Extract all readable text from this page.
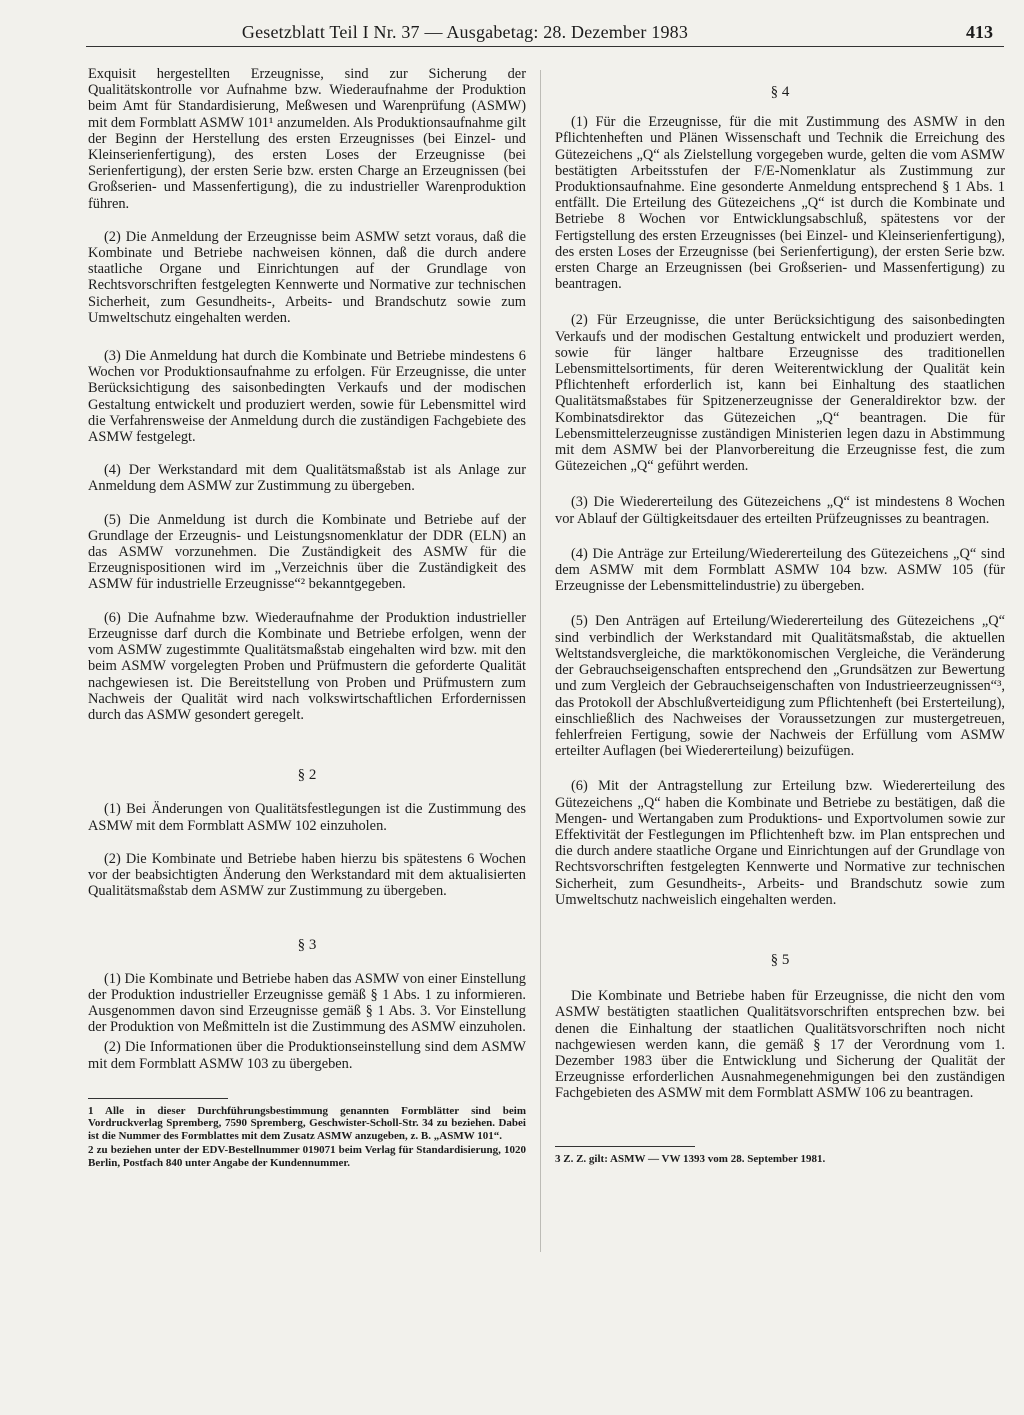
Gesetzblatt Teil I Nr. 37 — Ausgabetag: 28. Dezember 1983	413

Exquisit hergestellten Erzeugnisse, sind zur Sicherung der Qualitätskontrolle vor Aufnahme bzw. Wiederaufnahme der Produktion beim Amt für Standardisierung, Meßwesen und Warenprüfung (ASMW) mit dem Formblatt ASMW 101¹ anzumelden. Als Produktionsaufnahme gilt der Beginn der Herstellung des ersten Erzeugnisses (bei Einzel- und Kleinserienfertigung), des ersten Loses der Erzeugnisse (bei Serienfertigung), der ersten Serie bzw. ersten Charge an Erzeugnissen (bei Großserien- und Massenfertigung), die zu industrieller Warenproduktion führen.

(2) Die Anmeldung der Erzeugnisse beim ASMW setzt voraus, daß die Kombinate und Betriebe nachweisen können, daß die durch andere staatliche Organe und Einrichtungen auf der Grundlage von Rechtsvorschriften festgelegten Kennwerte und Normative zur technischen Sicherheit, zum Gesundheits-, Arbeits- und Brandschutz sowie zum Umweltschutz eingehalten werden.

(3) Die Anmeldung hat durch die Kombinate und Betriebe mindestens 6 Wochen vor Produktionsaufnahme zu erfolgen. Für Erzeugnisse, die unter Berücksichtigung des saisonbedingten Verkaufs und der modischen Gestaltung entwickelt und produziert werden, sowie für Lebensmittel wird die Verfahrensweise der Anmeldung durch die zuständigen Fachgebiete des ASMW festgelegt.

(4) Der Werkstandard mit dem Qualitätsmaßstab ist als Anlage zur Anmeldung dem ASMW zur Zustimmung zu übergeben.

(5) Die Anmeldung ist durch die Kombinate und Betriebe auf der Grundlage der Erzeugnis- und Leistungsnomenklatur der DDR (ELN) an das ASMW vorzunehmen. Die Zuständigkeit des ASMW für die Erzeugnispositionen wird im „Verzeichnis über die Zuständigkeit des ASMW für industrielle Erzeugnisse“² bekanntgegeben.

(6) Die Aufnahme bzw. Wiederaufnahme der Produktion industrieller Erzeugnisse darf durch die Kombinate und Betriebe erfolgen, wenn der vom ASMW zugestimmte Qualitätsmaßstab eingehalten wird bzw. mit den beim ASMW vorgelegten Proben und Prüfmustern die geforderte Qualität nachgewiesen ist. Die Bereitstellung von Proben und Prüfmustern zum Nachweis der Qualität wird nach volkswirtschaftlichen Erfordernissen durch das ASMW gesondert geregelt.

§ 2

(1) Bei Änderungen von Qualitätsfestlegungen ist die Zustimmung des ASMW mit dem Formblatt ASMW 102 einzuholen.

(2) Die Kombinate und Betriebe haben hierzu bis spätestens 6 Wochen vor der beabsichtigten Änderung den Werkstandard mit dem aktualisierten Qualitätsmaßstab dem ASMW zur Zustimmung zu übergeben.

§ 3

(1) Die Kombinate und Betriebe haben das ASMW von einer Einstellung der Produktion industrieller Erzeugnisse gemäß § 1 Abs. 1 zu informieren. Ausgenommen davon sind Erzeugnisse gemäß § 1 Abs. 3. Vor Einstellung der Produktion von Meßmitteln ist die Zustimmung des ASMW einzuholen.

(2) Die Informationen über die Produktionseinstellung sind dem ASMW mit dem Formblatt ASMW 103 zu übergeben.

1 Alle in dieser Durchführungsbestimmung genannten Formblätter sind beim Vordruckverlag Spremberg, 7590 Spremberg, Geschwister-Scholl-Str. 34 zu beziehen. Dabei ist die Nummer des Formblattes mit dem Zusatz ASMW anzugeben, z. B. „ASMW 101“.

2 zu beziehen unter der EDV-Bestellnummer 019071 beim Verlag für Standardisierung, 1020 Berlin, Postfach 840 unter Angabe der Kundennummer.

§ 4

(1) Für die Erzeugnisse, für die mit Zustimmung des ASMW in den Pflichtenheften und Plänen Wissenschaft und Technik die Erreichung des Gütezeichens „Q“ als Zielstellung vorgegeben wurde, gelten die vom ASMW bestätigten Arbeitsstufen der F/E-Nomenklatur als Zustimmung zur Produktionsaufnahme. Eine gesonderte Anmeldung entsprechend § 1 Abs. 1 entfällt. Die Erteilung des Gütezeichens „Q“ ist durch die Kombinate und Betriebe 8 Wochen vor Entwicklungsabschluß, spätestens vor der Fertigstellung des ersten Erzeugnisses (bei Einzel- und Kleinserienfertigung), des ersten Loses der Erzeugnisse (bei Serienfertigung), der ersten Serie bzw. ersten Charge an Erzeugnissen (bei Großserien- und Massenfertigung) zu beantragen.

(2) Für Erzeugnisse, die unter Berücksichtigung des saisonbedingten Verkaufs und der modischen Gestaltung entwickelt und produziert werden, sowie für länger haltbare Erzeugnisse des traditionellen Lebensmittelsortiments, für deren Weiterentwicklung der Qualität kein Pflichtenheft erforderlich ist, kann bei Einhaltung des staatlichen Qualitätsmaßstabes für Spitzenerzeugnisse der Generaldirektor bzw. der Kombinatsdirektor das Gütezeichen „Q“ beantragen. Die für Lebensmittelerzeugnisse zuständigen Ministerien legen dazu in Abstimmung mit dem ASMW bei der Planvorbereitung die Erzeugnisse fest, die zum Gütezeichen „Q“ geführt werden.

(3) Die Wiedererteilung des Gütezeichens „Q“ ist mindestens 8 Wochen vor Ablauf der Gültigkeitsdauer des erteilten Prüfzeugnisses zu beantragen.

(4) Die Anträge zur Erteilung/Wiedererteilung des Gütezeichens „Q“ sind dem ASMW mit dem Formblatt ASMW 104 bzw. ASMW 105 (für Erzeugnisse der Lebensmittelindustrie) zu übergeben.

(5) Den Anträgen auf Erteilung/Wiedererteilung des Gütezeichens „Q“ sind verbindlich der Werkstandard mit Qualitätsmaßstab, die aktuellen Weltstandsvergleiche, die marktökonomischen Vergleiche, die Veränderung der Gebrauchseigenschaften entsprechend den „Grundsätzen zur Bewertung und zum Vergleich der Gebrauchseigenschaften von Industrieerzeugnissen“³, das Protokoll der Abschlußverteidigung zum Pflichtenheft (bei Ersterteilung), einschließlich des Nachweises der Voraussetzungen zur mustergetreuen, fehlerfreien Fertigung, sowie der Nachweis der Erfüllung vom ASMW erteilter Auflagen (bei Wiedererteilung) beizufügen.

(6) Mit der Antragstellung zur Erteilung bzw. Wiedererteilung des Gütezeichens „Q“ haben die Kombinate und Betriebe zu bestätigen, daß die Mengen- und Wertangaben zum Produktions- und Exportvolumen sowie zur Effektivität der Festlegungen im Pflichtenheft bzw. im Plan entsprechen und die durch andere staatliche Organe und Einrichtungen auf der Grundlage von Rechtsvorschriften festgelegten Kennwerte und Normative zur technischen Sicherheit, zum Gesundheits-, Arbeits- und Brandschutz sowie zum Umweltschutz nachweislich eingehalten werden.

§ 5

Die Kombinate und Betriebe haben für Erzeugnisse, die nicht den vom ASMW bestätigten staatlichen Qualitätsvorschriften entsprechen bzw. bei denen die Einhaltung der staatlichen Qualitätsvorschriften noch nicht nachgewiesen werden kann, die gemäß § 17 der Verordnung vom 1. Dezember 1983 über die Entwicklung und Sicherung der Qualität der Erzeugnisse erforderlichen Ausnahmegenehmigungen bei den zuständigen Fachgebieten des ASMW mit dem Formblatt ASMW 106 zu beantragen.

3 Z. Z. gilt: ASMW — VW 1393 vom 28. September 1981.
